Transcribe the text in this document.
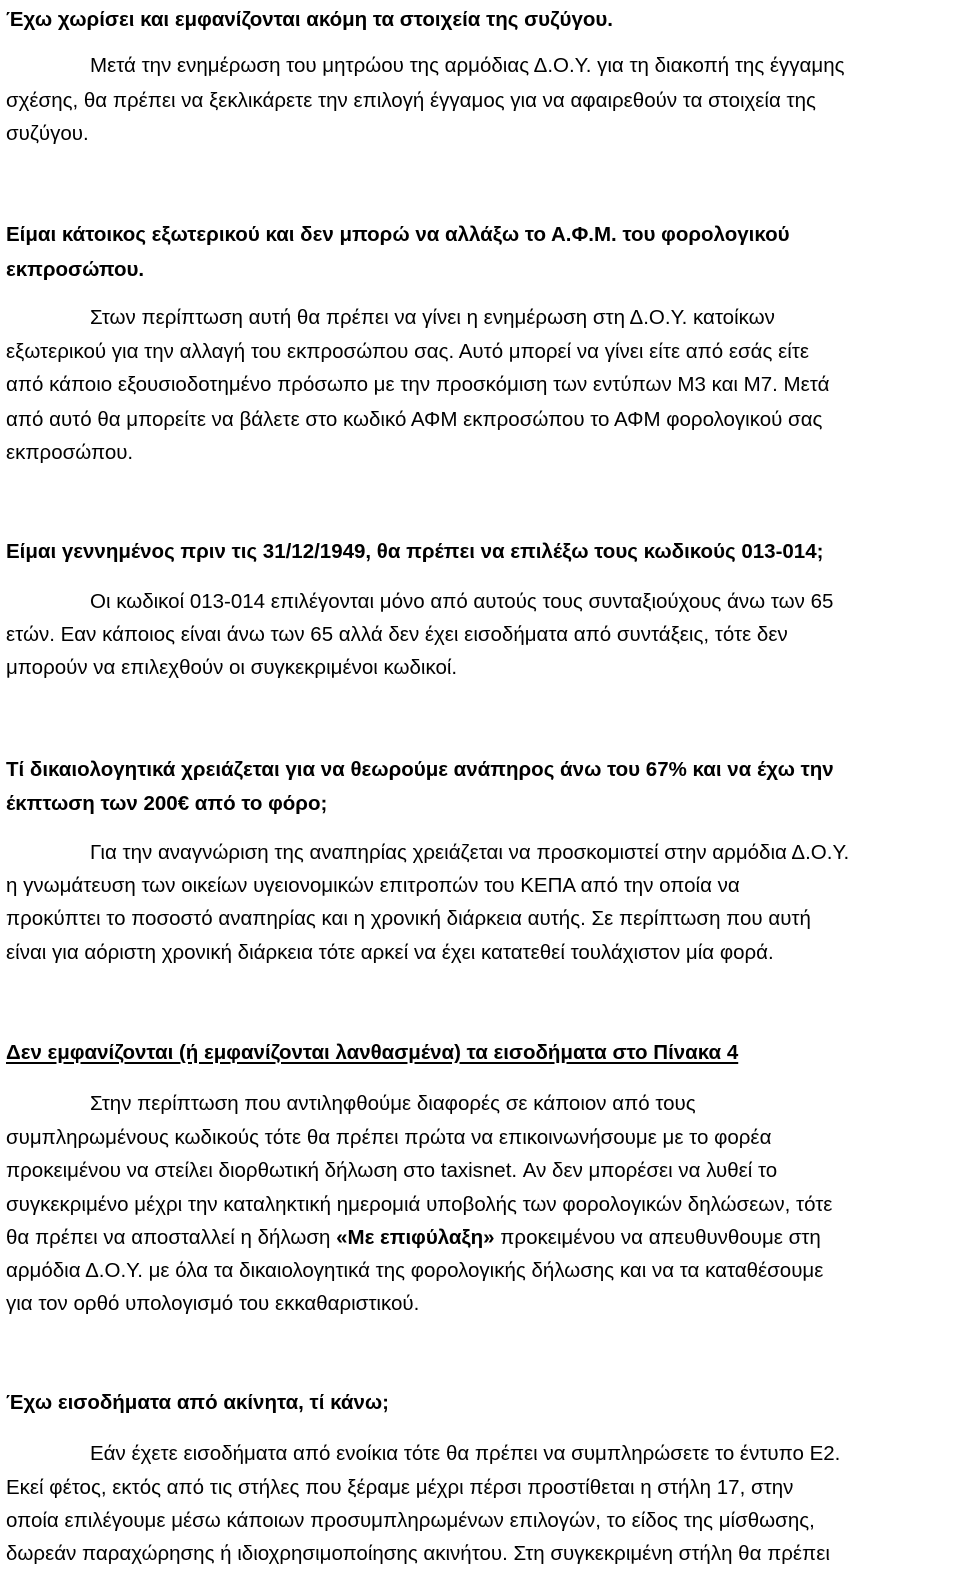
Έχω χωρίσει και εμφανίζονται ακόμη τα στοιχεία της συζύγου.
Μετά την ενημέρωση του μητρώου της αρμόδιας Δ.Ο.Υ. για τη διακοπή της έγγαμης
σχέσης, θα πρέπει να ξεκλικάρετε την επιλογή έγγαμος για να αφαιρεθούν τα στοιχεία της
συζύγου.
Είμαι κάτοικος εξωτερικού και δεν μπορώ να αλλάξω το Α.Φ.Μ. του φορολογικού
εκπροσώπου.
Στων περίπτωση αυτή θα πρέπει να γίνει η ενημέρωση στη Δ.Ο.Υ. κατοίκων
εξωτερικού για την αλλαγή του εκπροσώπου σας. Αυτό μπορεί να γίνει είτε από εσάς είτε
από κάποιο εξουσιοδοτημένο πρόσωπο με την προσκόμιση των εντύπων Μ3 και Μ7. Μετά
από αυτό θα μπορείτε να βάλετε στο κωδικό ΑΦΜ εκπροσώπου το ΑΦΜ φορολογικού σας
εκπροσώπου.
Είμαι γεννημένος πριν τις 31/12/1949, θα πρέπει να επιλέξω τους κωδικούς 013-014;
Οι κωδικοί 013-014 επιλέγονται μόνο από αυτούς τους συνταξιούχους άνω των 65
ετών. Εαν κάποιος είναι άνω των 65 αλλά δεν έχει εισοδήματα από συντάξεις, τότε δεν
μπορούν να επιλεχθούν οι συγκεκριμένοι κωδικοί.
Τί δικαιολογητικά χρειάζεται για να θεωρούμε ανάπηρος άνω του 67% και να έχω την
έκπτωση των 200€ από το φόρο;
Για την αναγνώριση της αναπηρίας χρειάζεται να προσκομιστεί στην αρμόδια Δ.Ο.Υ.
η γνωμάτευση των οικείων υγειονομικών επιτροπών του ΚΕΠΑ από την οποία να
προκύπτει το ποσοστό αναπηρίας και η χρονική διάρκεια αυτής. Σε περίπτωση που αυτή
είναι για αόριστη χρονική διάρκεια τότε αρκεί να έχει κατατεθεί τουλάχιστον μία φορά.
Δεν εμφανίζονται (ή εμφανίζονται λανθασμένα) τα εισοδήματα στο Πίνακα 4
Στην περίπτωση που αντιληφθούμε διαφορές σε κάποιον από τους
συμπληρωμένους κωδικούς τότε θα πρέπει πρώτα να επικοινωνήσουμε με το φορέα
προκειμένου να στείλει διορθωτική δήλωση στο taxisnet. Αν δεν μπορέσει να λυθεί το
συγκεκριμένο μέχρι την καταληκτική ημερομιά υποβολής των φορολογικών δηλώσεων, τότε
θα πρέπει να αποσταλλεί η δήλωση «Με επιφύλαξη» προκειμένου να απευθυνθουμε στη
αρμόδια Δ.Ο.Υ. με όλα τα δικαιολογητικά της φορολογικής δήλωσης και να τα καταθέσουμε
για τον ορθό υπολογισμό του εκκαθαριστικού.
Έχω εισοδήματα από ακίνητα, τί κάνω;
Εάν έχετε εισοδήματα από ενοίκια τότε θα πρέπει να συμπληρώσετε το έντυπο Ε2.
Εκεί φέτος, εκτός από τις στήλες που ξέραμε μέχρι πέρσι προστίθεται η στήλη 17, στην
οποία επιλέγουμε μέσω κάποιων προσυμπληρωμένων επιλογών, το είδος της μίσθωσης,
δωρεάν παραχώρησης ή ιδιοχρησιμοποίησης ακινήτου. Στη συγκεκριμένη στήλη θα πρέπει
